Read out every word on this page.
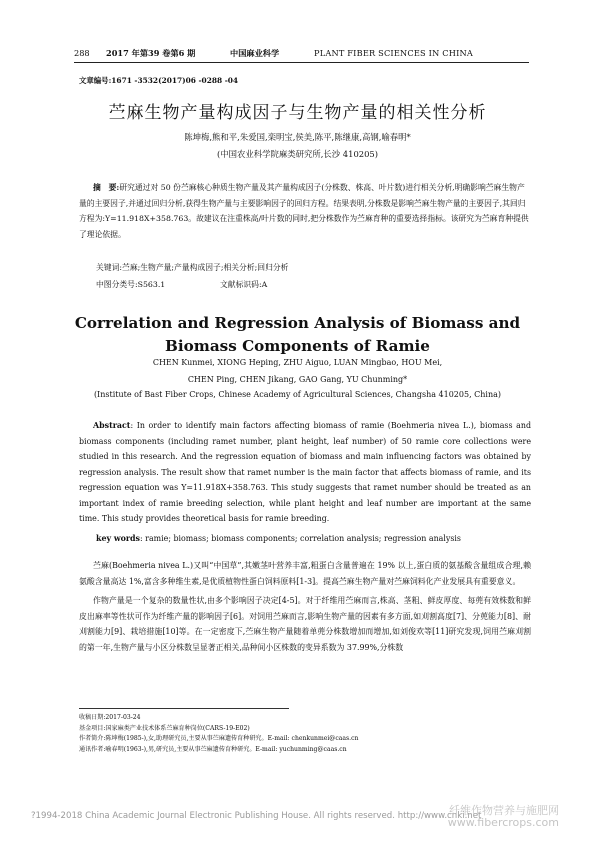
288 2017 年第39 卷第6 期	中国麻业科学	PLANT FIBER SCIENCES IN CHINA
文章编号:1671 -3532(2017)06 -0288 -04
苎麻生物产量构成因子与生物产量的相关性分析
陈坤梅,熊和平,朱爱国,栾明宝,侯美,陈平,陈继康,高钢,喻春明*
(中国农业科学院麻类研究所,长沙 410205)

摘　要:研究通过对 50 份苎麻核心种质生物产量及其产量构成因子(分株数、株高、叶片数)进行相关分析,明确影响苎麻生物产量的主要因子,并通过回归分析,获得生物产量与主要影响因子的回归方程。结果表明,分株数是影响苎麻生物产量的主要因子,其回归方程为:Y=11.918X+358.763。故建议在注重株高/叶片数的同时,把分株数作为苎麻育种的重要选择指标。该研究为苎麻育种提供了理论依据。

关键词:苎麻;生物产量;产量构成因子;相关分析;回归分析
中图分类号:S563.1	文献标识码:A
Correlation and Regression Analysis of Biomass and
Biomass Components of Ramie
CHEN Kunmei, XIONG Heping, ZHU Aiguo, LUAN Mingbao, HOU Mei,
CHEN Ping, CHEN Jikang, GAO Gang, YU Chunming*
(Institute of Bast Fiber Crops, Chinese Academy of Agricultural Sciences, Changsha 410205, China)

Abstract: In order to identify main factors affecting biomass of ramie (Boehmeria nivea L.), biomass and biomass components (including ramet number, plant height, leaf number) of 50 ramie core collections were studied in this research. And the regression equation of biomass and main influencing factors was obtained by regression analysis. The result show that ramet number is the main factor that affects biomass of ramie, and its regression equation was Y=11.918X+358.763. This study suggests that ramet number should be treated as an important index of ramie breeding selection, while plant height and leaf number are important at the same time. This study provides theoretical basis for ramie breeding.

key words: ramie; biomass; biomass components; correlation analysis; regression analysis

苎麻(Boehmeria nivea L.)又叫“中国草”,其嫩茎叶营养丰富,粗蛋白含量普遍在 19% 以上,蛋白质的氨基酸含量组成合理,赖氨酸含量高达 1%,富含多种维生素,是优质植物性蛋白饲料原料[1-3]。提高苎麻生物产量对苎麻饲料化产业发展具有重要意义。

作物产量是一个复杂的数量性状,由多个影响因子决定[4-5]。对于纤维用苎麻而言,株高、茎粗、鲜皮厚度、每蔸有效株数和鲜皮出麻率等性状可作为纤维产量的影响因子[6]。对饲用苎麻而言,影响生物产量的因素有多方面,如刈割高度[7]、分蔸能力[8]、耐刈割能力[9]、栽培措施[10]等。在一定密度下,苎麻生物产量随着单蔸分株数增加而增加,如刘俊欢等[11]研究发现,饲用苎麻刈割的第一年,生物产量与小区分株数呈显著正相关,品种间小区株数的变异系数为 37.99%,分株数

收稿日期:2017-03-24
基金项目:国家麻类产业技术体系苎麻育种岗位(CARS-19-E02)
作者简介:陈坤梅(1985-),女,助理研究员,主要从事苎麻遗传育种研究。E-mail: chenkunmei@caas.cn
通讯作者:喻春明(1963-),男,研究员,主要从事苎麻遗传育种研究。E-mail: yuchunming@caas.cn
?1994-2018 China Academic Journal Electronic Publishing House. All rights reserved. http://www.cnki.net
纤维作物营养与施肥网
www.fibercrops.com
